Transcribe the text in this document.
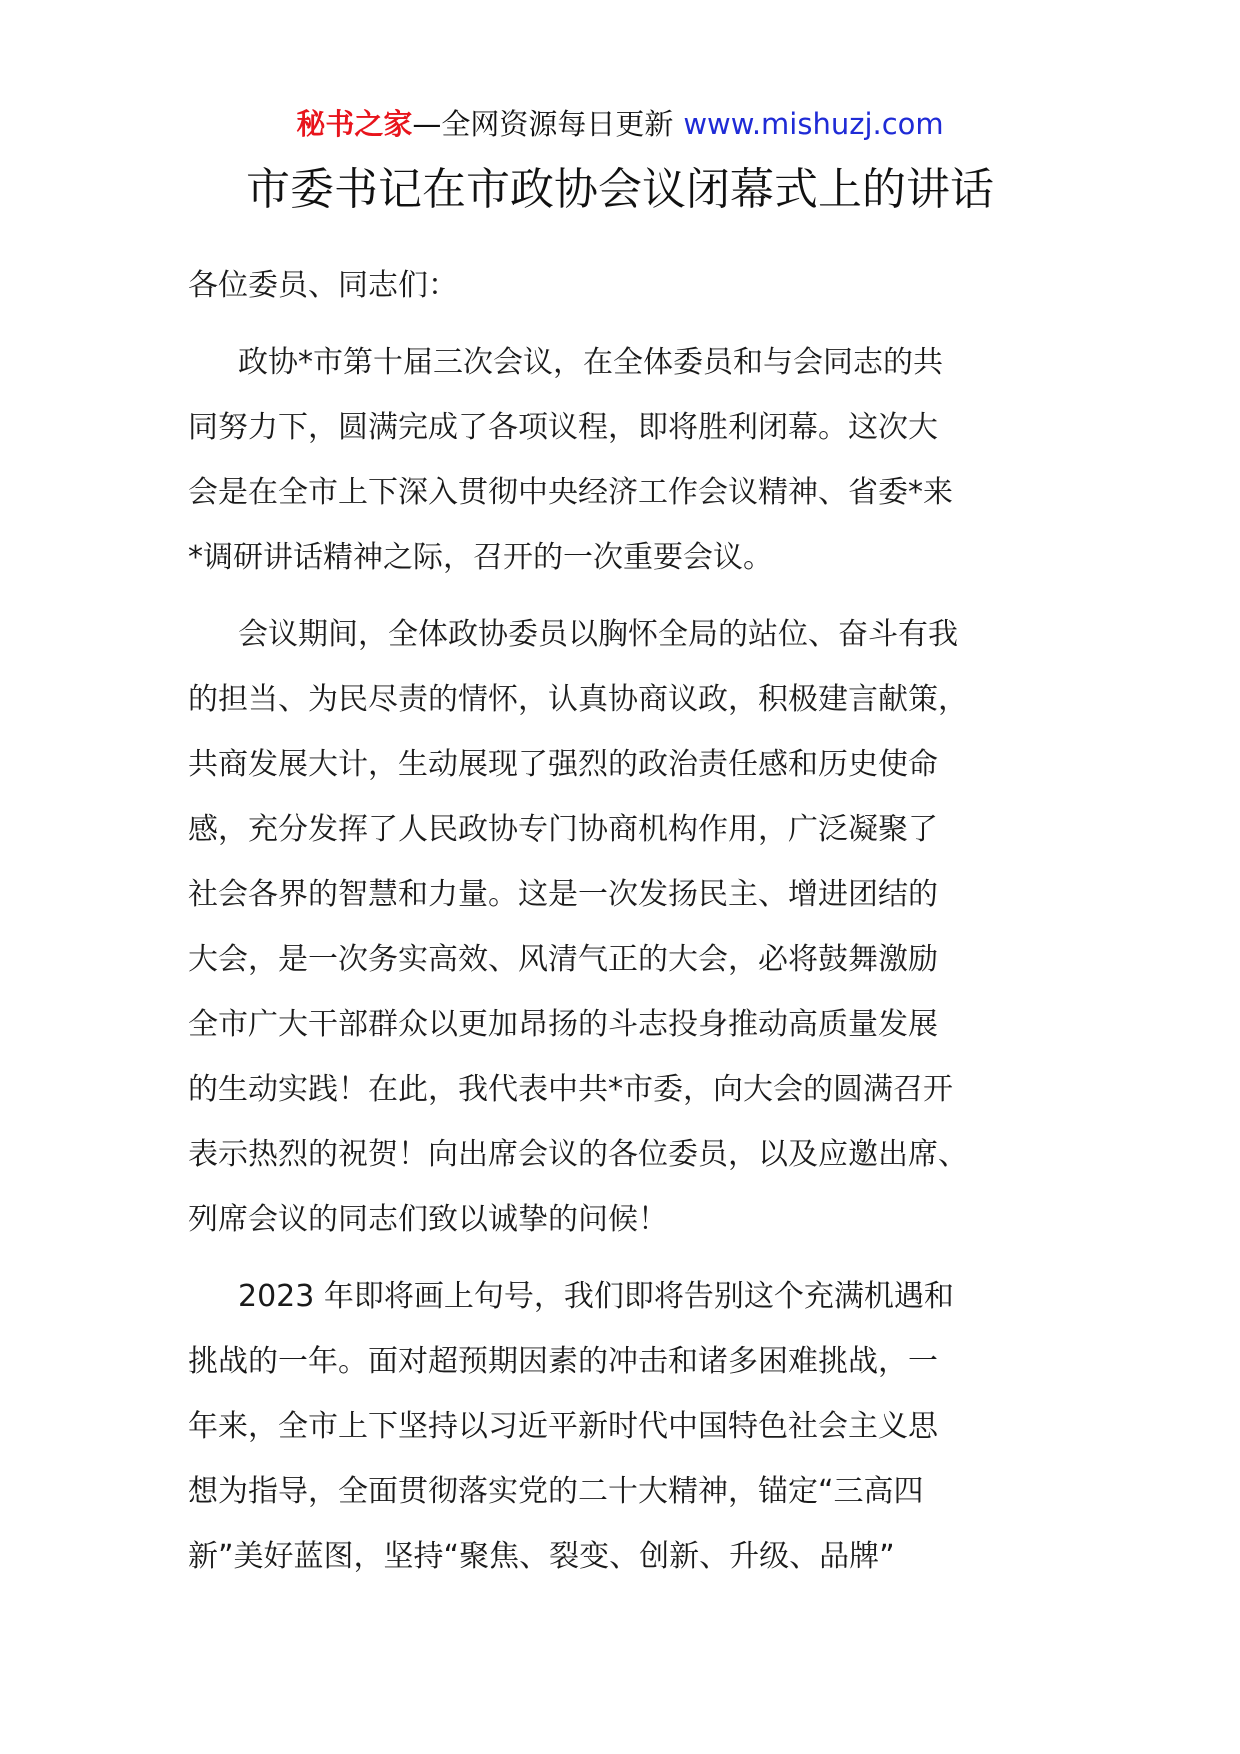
秘书之家—全网资源每日更新 www.mishuzj.com
市委书记在市政协会议闭幕式上的讲话
各位委员、同志们：
政协*市第十届三次会议，在全体委员和与会同志的共
同努力下，圆满完成了各项议程，即将胜利闭幕。这次大
会是在全市上下深入贯彻中央经济工作会议精神、省委*来
*调研讲话精神之际，召开的一次重要会议。
会议期间，全体政协委员以胸怀全局的站位、奋斗有我
的担当、为民尽责的情怀，认真协商议政，积极建言献策，
共商发展大计，生动展现了强烈的政治责任感和历史使命
感，充分发挥了人民政协专门协商机构作用，广泛凝聚了
社会各界的智慧和力量。这是一次发扬民主、增进团结的
大会，是一次务实高效、风清气正的大会，必将鼓舞激励
全市广大干部群众以更加昂扬的斗志投身推动高质量发展
的生动实践！在此，我代表中共*市委，向大会的圆满召开
表示热烈的祝贺！向出席会议的各位委员，以及应邀出席、
列席会议的同志们致以诚挚的问候！
2023 年即将画上句号，我们即将告别这个充满机遇和
挑战的一年。面对超预期因素的冲击和诸多困难挑战，一
年来，全市上下坚持以习近平新时代中国特色社会主义思
想为指导，全面贯彻落实党的二十大精神，锚定“三高四
新”美好蓝图，坚持“聚焦、裂变、创新、升级、品牌”
